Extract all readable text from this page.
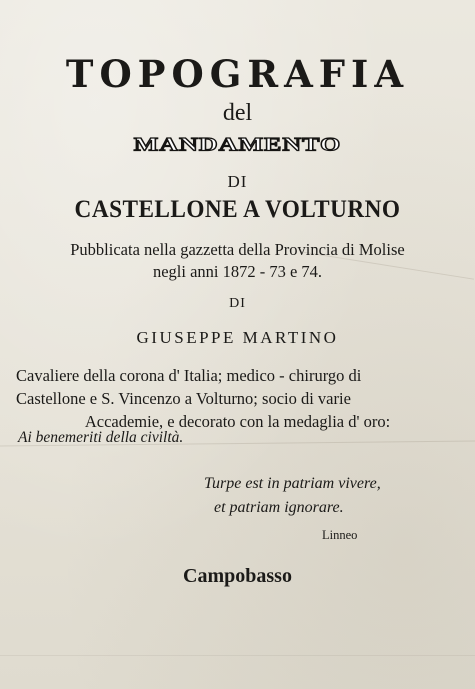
TOPOGRAFIA
del
MANDAMENTO
DI
CASTELLONE A VOLTURNO
Pubblicata nella gazzetta della Provincia di Molise
negli anni 1872 - 73 e 74.
DI
GIUSEPPE MARTINO
Cavaliere della corona d' Italia; medico - chirurgo di
Castellone e S. Vincenzo a Volturno; socio di varie
Accademie, e decorato con la medaglia d' oro:
Ai benemeriti della civiltà.
Turpe est in patriam vivere,
et patriam ignorare.
Linneo
Campobasso
